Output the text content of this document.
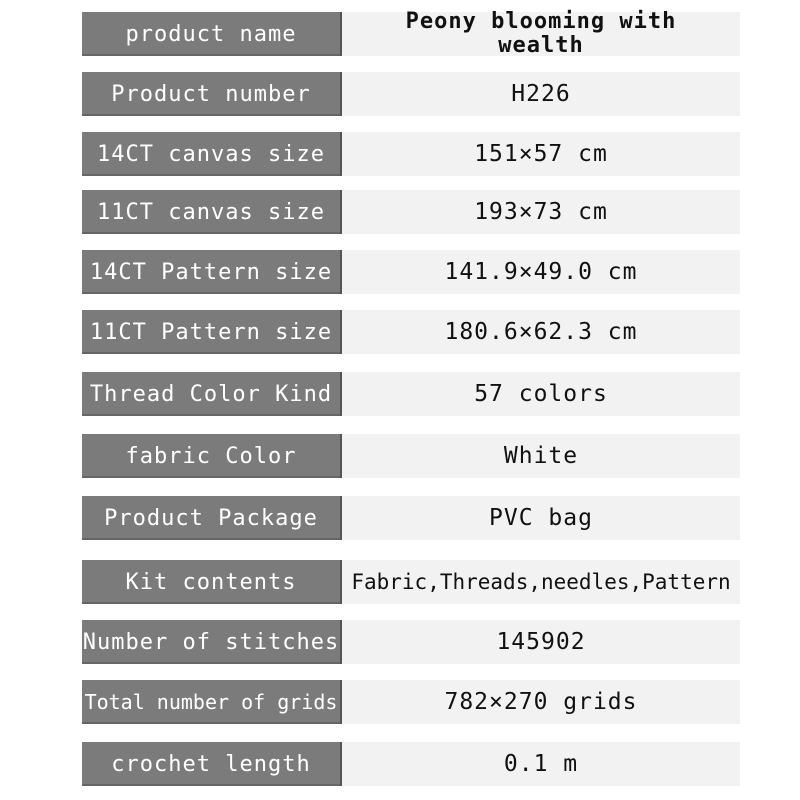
product name	Peony blooming with wealth
Product number	H226
14CT canvas size	151×57 cm
11CT canvas size	193×73 cm
14CT Pattern size	141.9×49.0 cm
11CT Pattern size	180.6×62.3 cm
Thread Color Kind	57 colors
fabric Color	White
Product Package	PVC bag
Kit contents	Fabric,Threads,needles,Pattern
Number of stitches	145902
Total number of grids	782×270 grids
crochet length	0.1 m
